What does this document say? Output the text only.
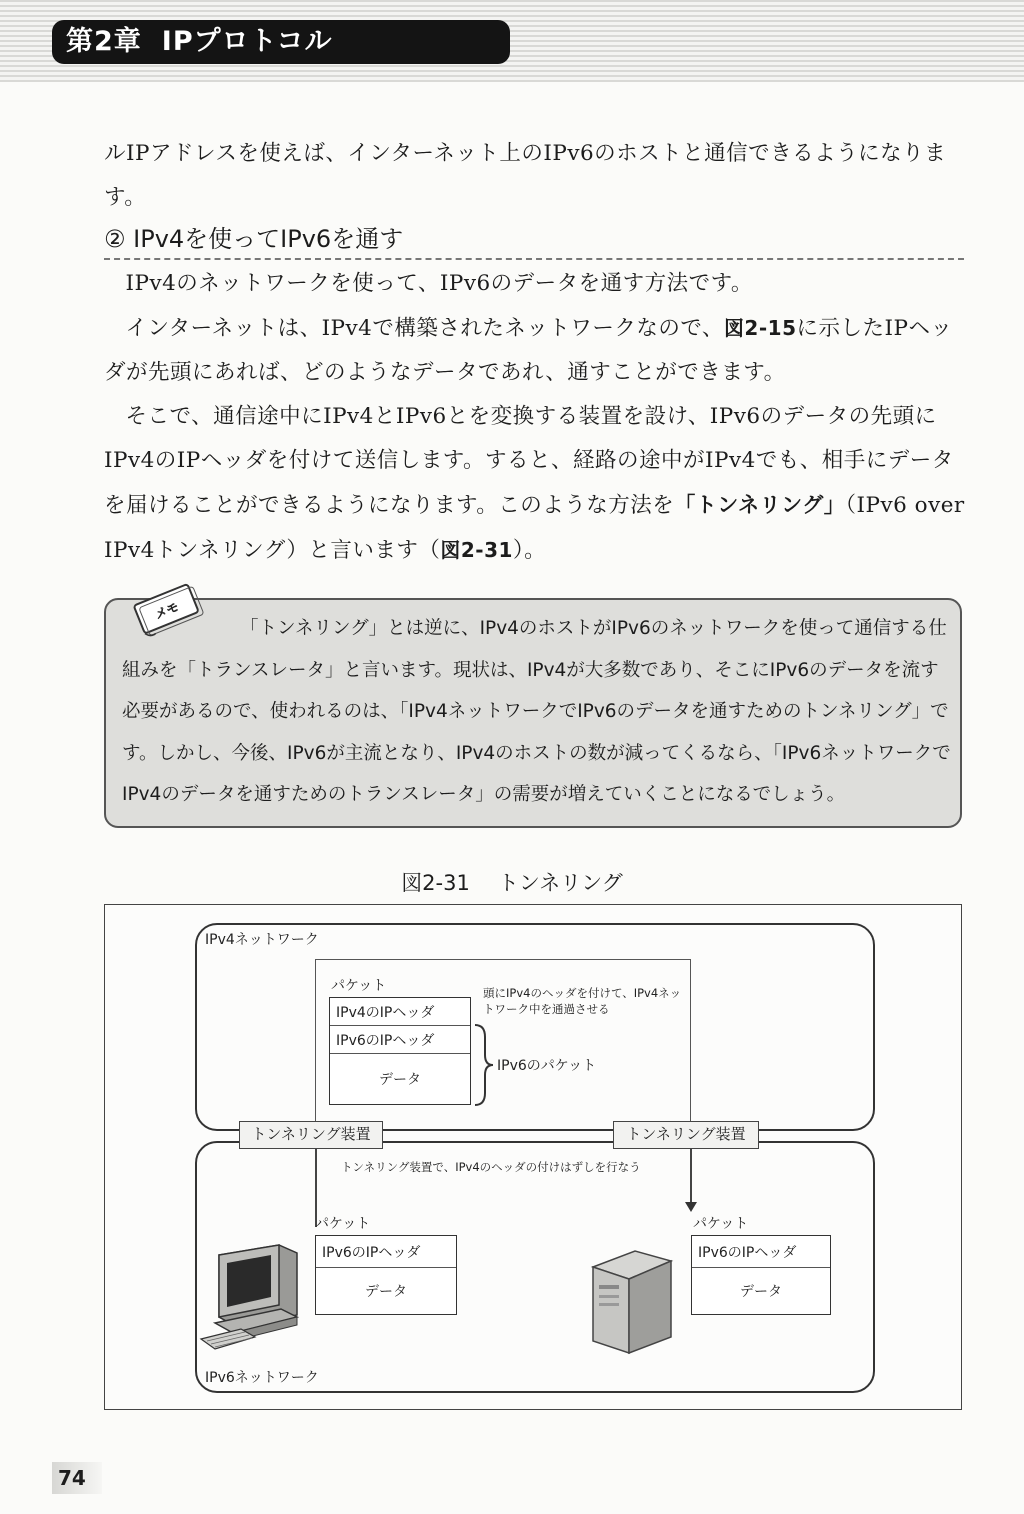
第2章 IPプロトコル

ルIPアドレスを使えば、インターネット上のIPv6のホストと通信できるようになります。

② IPv4を使ってIPv6を通す

IPv4のネットワークを使って、IPv6のデータを通す方法です。

インターネットは、IPv4で構築されたネットワークなので、図2-15に示したIPヘッダが先頭にあれば、どのようなデータであれ、通すことができます。

そこで、通信途中にIPv4とIPv6とを変換する装置を設け、IPv6のデータの先頭にIPv4のIPヘッダを付けて送信します。すると、経路の途中がIPv4でも、相手にデータを届けることができるようになります。このような方法を「トンネリング」（IPv6 over IPv4トンネリング）と言います（図2-31）。

「トンネリング」とは逆に、IPv4のホストがIPv6のネットワークを使って通信する仕組みを「トランスレータ」と言います。現状は、IPv4が大多数であり、そこにIPv6のデータを流す必要があるので、使われるのは、「IPv4ネットワークでIPv6のデータを通すためのトンネリング」です。しかし、今後、IPv6が主流となり、IPv4のホストの数が減ってくるなら、「IPv6ネットワークでIPv4のデータを通すためのトランスレータ」の需要が増えていくことになるでしょう。

メモ
図2-31 トンネリング
IPv4ネットワーク
IPv6ネットワーク
パケット
IPv4のIPヘッダ
IPv6のIPヘッダ
データ
頭にIPv4のヘッダを付けて、IPv4ネットワーク中を通過させる
IPv6のパケット
トンネリング装置	トンネリング装置
トンネリング装置で、IPv4のヘッダの付けはずしを行なう
パケット
IPv6のIPヘッダ
データ
パケット
IPv6のIPヘッダ
データ
74
